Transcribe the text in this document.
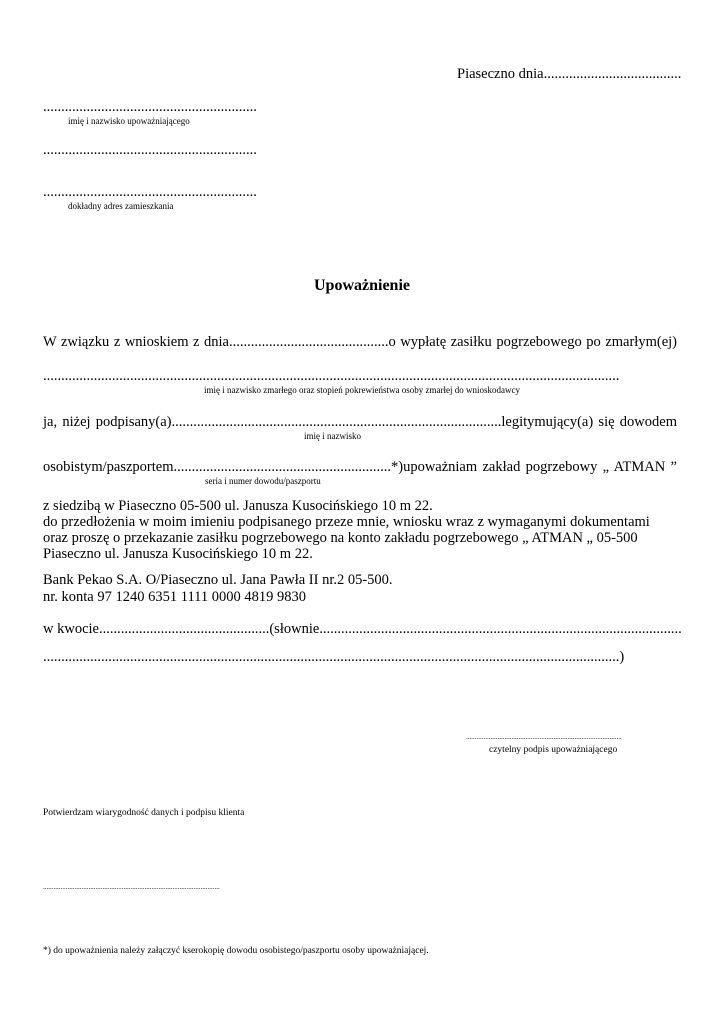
Piaseczno dnia......................................
...........................................................
imię i nazwisko upoważniającego
...........................................................
...........................................................
dokładny adres zamieszkania
Upoważnienie
W związku z wnioskiem z dnia............................................o wypłatę zasiłku pogrzebowego po zmarłym(ej)
...............................................................................................................................................................
imię i nazwisko zmarłego oraz stopień pokrewieństwa osoby zmarłej do wnioskodawcy
ja, niżej podpisany(a)...........................................................................................legitymujący(a) się dowodem
imię i nazwisko
osobistym/paszportem............................................................*)upoważniam zakład pogrzebowy „ ATMAN ”
seria i numer dowodu/paszportu
z siedzibą w Piaseczno 05-500 ul. Janusza Kusocińskiego 10 m 22.
do przedłożenia w moim imieniu podpisanego przeze mnie, wniosku wraz z wymaganymi dokumentami
oraz proszę o przekazanie zasiłku pogrzebowego na konto zakładu pogrzebowego „ ATMAN „ 05-500
Piaseczno ul. Janusza Kusocińskiego 10 m 22.
Bank Pekao S.A. O/Piaseczno ul. Jana Pawła II nr.2 05-500.
nr. konta 97 1240 6351 1111 0000 4819 9830
w kwocie...............................................(słownie....................................................................................................
...............................................................................................................................................................)
.........................................................................................
czytelny podpis upoważniającego
Potwierdzam wiarygodność danych i podpisu klienta
.....................................................................................................
*) do upoważnienia należy załączyć kserokopię dowodu osobistego/paszportu osoby upoważniającej.
